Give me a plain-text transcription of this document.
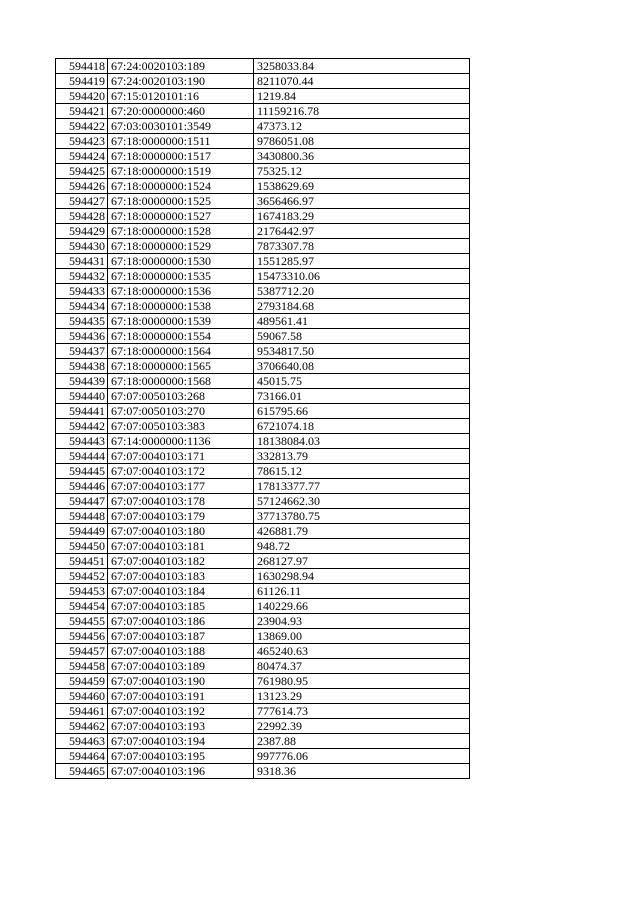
594418	67:24:0020103:189	3258033.84
594419	67:24:0020103:190	8211070.44
594420	67:15:0120101:16	1219.84
594421	67:20:0000000:460	11159216.78
594422	67:03:0030101:3549	47373.12
594423	67:18:0000000:1511	9786051.08
594424	67:18:0000000:1517	3430800.36
594425	67:18:0000000:1519	75325.12
594426	67:18:0000000:1524	1538629.69
594427	67:18:0000000:1525	3656466.97
594428	67:18:0000000:1527	1674183.29
594429	67:18:0000000:1528	2176442.97
594430	67:18:0000000:1529	7873307.78
594431	67:18:0000000:1530	1551285.97
594432	67:18:0000000:1535	15473310.06
594433	67:18:0000000:1536	5387712.20
594434	67:18:0000000:1538	2793184.68
594435	67:18:0000000:1539	489561.41
594436	67:18:0000000:1554	59067.58
594437	67:18:0000000:1564	9534817.50
594438	67:18:0000000:1565	3706640.08
594439	67:18:0000000:1568	45015.75
594440	67:07:0050103:268	73166.01
594441	67:07:0050103:270	615795.66
594442	67:07:0050103:383	6721074.18
594443	67:14:0000000:1136	18138084.03
594444	67:07:0040103:171	332813.79
594445	67:07:0040103:172	78615.12
594446	67:07:0040103:177	17813377.77
594447	67:07:0040103:178	57124662.30
594448	67:07:0040103:179	37713780.75
594449	67:07:0040103:180	426881.79
594450	67:07:0040103:181	948.72
594451	67:07:0040103:182	268127.97
594452	67:07:0040103:183	1630298.94
594453	67:07:0040103:184	61126.11
594454	67:07:0040103:185	140229.66
594455	67:07:0040103:186	23904.93
594456	67:07:0040103:187	13869.00
594457	67:07:0040103:188	465240.63
594458	67:07:0040103:189	80474.37
594459	67:07:0040103:190	761980.95
594460	67:07:0040103:191	13123.29
594461	67:07:0040103:192	777614.73
594462	67:07:0040103:193	22992.39
594463	67:07:0040103:194	2387.88
594464	67:07:0040103:195	997776.06
594465	67:07:0040103:196	9318.36
